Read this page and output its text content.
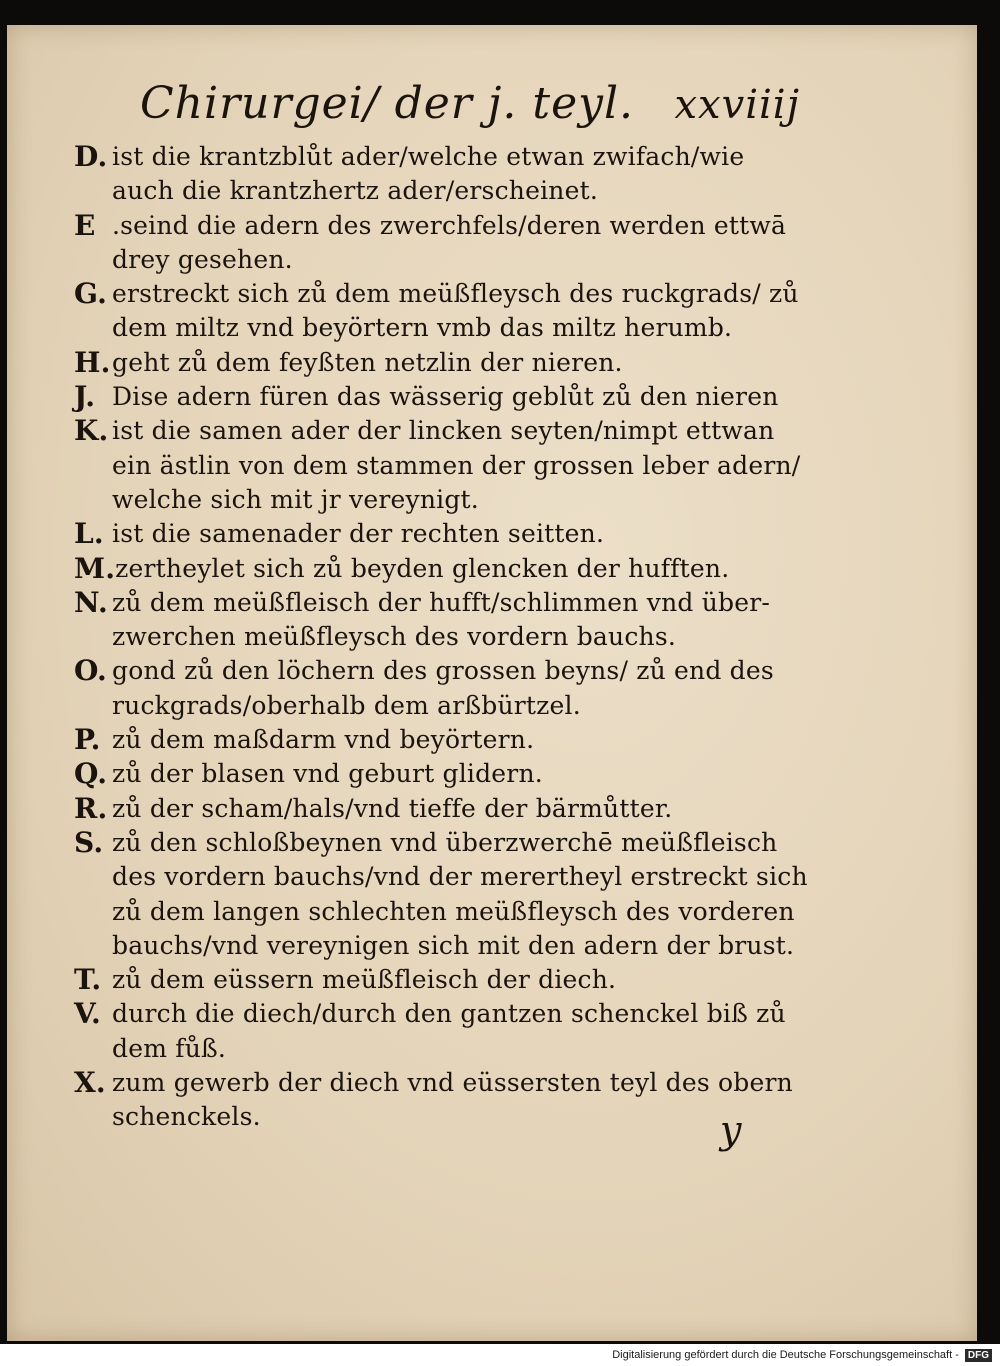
Chirurgei/ der j. teyl. xxviiij
D. ist die krantzblůt ader/welche etwan zwifach/wie
auch die krantzhertz ader/erscheinet.
E .seind die adern des zwerchfels/deren werden ettwā
drey gesehen.
G. erstreckt sich zů dem meüßfleysch des ruckgrads/ zů
dem miltz vnd beyörtern vmb das miltz herumb.
H. geht zů dem feyßten netzlin der nieren.
J. Dise adern füren das wässerig geblůt zů den nieren
K. ist die samen ader der lincken seyten/nimpt ettwan
ein ästlin von dem stammen der grossen leber adern/
welche sich mit jr vereynigt.
L. ist die samenader der rechten seitten.
M. zertheylet sich zů beyden glencken der hufften.
N. zů dem meüßfleisch der hufft/schlimmen vnd über-
zwerchen meüßfleysch des vordern bauchs.
O. gond zů den löchern des grossen beyns/ zů end des
ruckgrads/oberhalb dem arßbürtzel.
P. zů dem maßdarm vnd beyörtern.
Q. zů der blasen vnd geburt glidern.
R. zů der scham/hals/vnd tieffe der bärmůtter.
S. zů den schloßbeynen vnd überzwerchē meüßfleisch
des vordern bauchs/vnd der merertheyl erstreckt sich
zů dem langen schlechten meüßfleysch des vorderen
bauchs/vnd vereynigen sich mit den adern der brust.
T. zů dem eüssern meüßfleisch der diech.
V. durch die diech/durch den gantzen schenckel biß zů
dem fůß.
X. zum gewerb der diech vnd eüssersten teyl des obern
schenckels.	y
Digitalisierung gefördert durch die Deutsche Forschungsgemeinschaft - DFG
